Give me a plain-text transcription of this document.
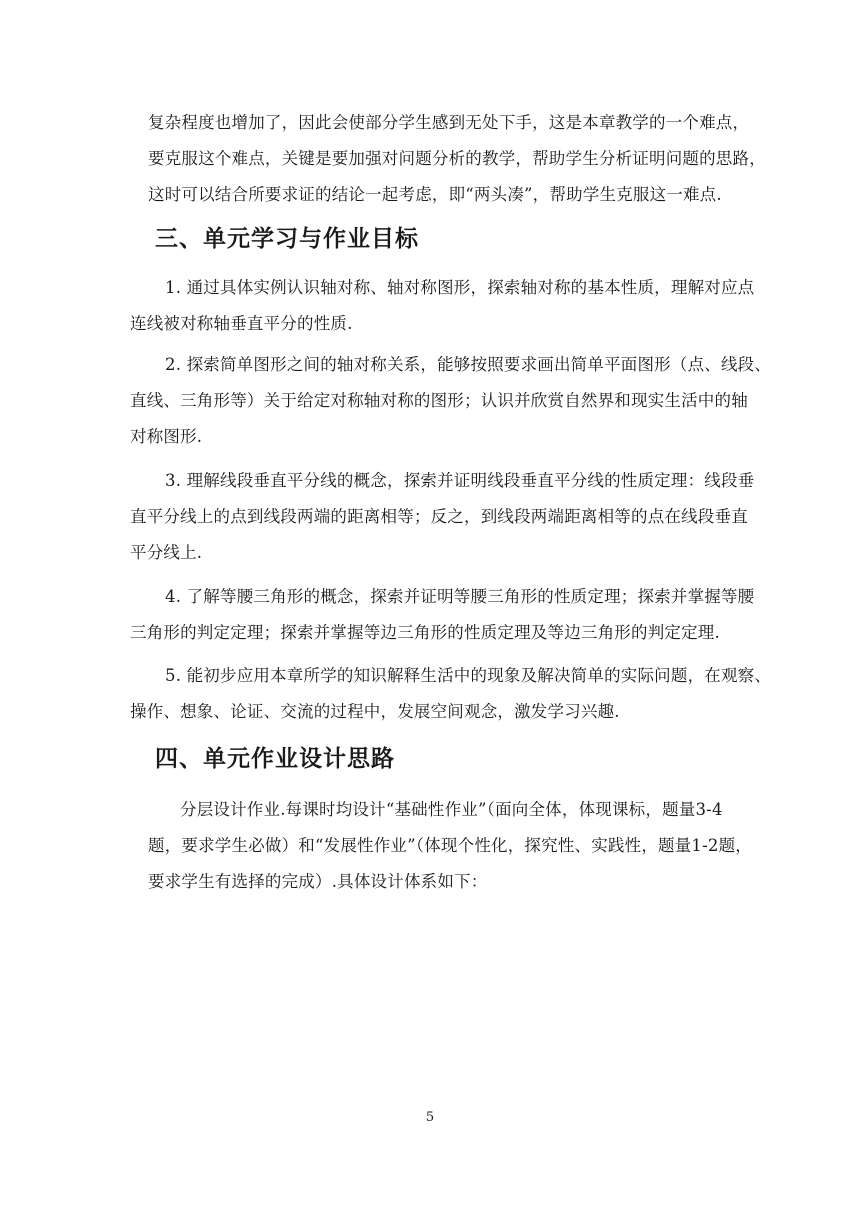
复杂程度也增加了，因此会使部分学生感到无处下手，这是本章教学的一个难点，
要克服这个难点，关键是要加强对问题分析的教学，帮助学生分析证明问题的思路，
这时可以结合所要求证的结论一起考虑，即“两头凑”，帮助学生克服这一难点.
三、单元学习与作业目标
1. 通过具体实例认识轴对称、轴对称图形，探索轴对称的基本性质，理解对应点
连线被对称轴垂直平分的性质.
2. 探索简单图形之间的轴对称关系，能够按照要求画出简单平面图形（点、线段、
直线、三角形等）关于给定对称轴对称的图形；认识并欣赏自然界和现实生活中的轴
对称图形.
3. 理解线段垂直平分线的概念，探索并证明线段垂直平分线的性质定理：线段垂
直平分线上的点到线段两端的距离相等；反之，到线段两端距离相等的点在线段垂直
平分线上.
4. 了解等腰三角形的概念，探索并证明等腰三角形的性质定理；探索并掌握等腰
三角形的判定定理；探索并掌握等边三角形的性质定理及等边三角形的判定定理.
5. 能初步应用本章所学的知识解释生活中的现象及解决简单的实际问题，在观察、
操作、想象、论证、交流的过程中，发展空间观念，激发学习兴趣.
四、单元作业设计思路
分层设计作业.每课时均设计“基础性作业”（面向全体，体现课标，题量3-4
题，要求学生必做）和“发展性作业”（体现个性化，探究性、实践性，题量1-2题，
要求学生有选择的完成）.具体设计体系如下：
5
